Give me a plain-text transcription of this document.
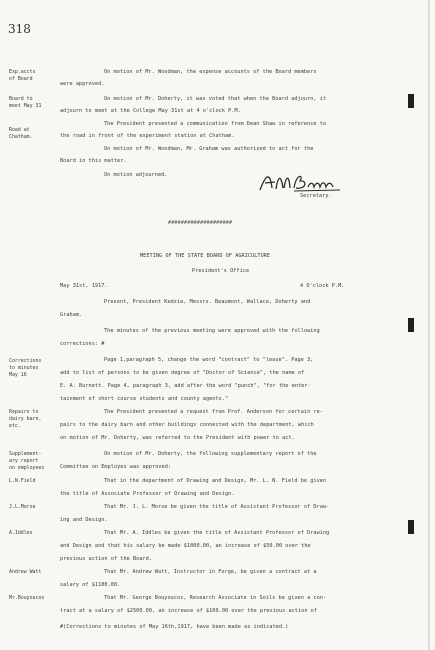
318
Exp.accts
of Board
Board to
meet May 31
Road at
Chatham.
Corrections
to minutes
May 16
Repairs to
dairy barn,
etc.
Supplement-
ary report
on employees
L.N.Field
J.L.Morse
A.Iddles
Andrew Watt
Mr.Bouyoucos
On motion of Mr. Woodman, the expense accounts of the Board members
were approved.
On motion of Mr. Doherty, it was voted that when the Board adjourn, it
adjourn to meet at the College May 31st at 4 o'clock P.M.
The President presented a communication from Dean Shaw in reference to
the road in front of the experiment station at Chatham.
On motion of Mr. Woodman, Mr. Graham was authorized to act for the
Board in this matter.
On motion adjourned.
Secretary.
####################
MEETING OF THE STATE BOARD OF AGRICULTURE
President's Office
May 31st, 1917.	4 O'clock P.M.
Present, President Kedzie, Messrs. Beaumont, Wallace, Doherty and
Graham.
The minutes of the previous meeting were approved with the following
corrections: #
Page 1,paragraph 5, change the word "contract" to "lease". Page 3,
add to list of persons to be given degree of "Doctor of Science", the name of
E. A. Burnett. Page 4, paragraph 3, add after the word "punch", "for the enter-
tainment of short course students and county agents."
The President presented a request from Prof. Anderson for certain re-
pairs to the dairy barn and other buildings connected with the department, which
on motion of Mr. Doherty, was referred to the President with power to act.
On motion of Mr. Doherty, the following supplementary report of the
Committee on Employes was approved:
That in the department of Drawing and Design, Mr. L. N. Field be given
the title of Associate Professor of Drawing and Design.
That Mr. J. L. Morse be given the title of Assistant Professor of Draw-
ing and Design.
That Mr. A. Iddles be given the title of Assistant Professor of Drawing
and Design and that his salary be made $1800.00, an increase of $50.00 over the
previous action of the Board.
That Mr. Andrew Watt, Instructor in Forge, be given a contract at a
salary of $1100.00.
That Mr. George Bouyoucos, Research Associate in Soils be given a con-
tract at a salary of $2500.00, an increase of $100.00 over the previous action of
#(Corrections to minutes of May 16th,1917, have been made as indicated.)
